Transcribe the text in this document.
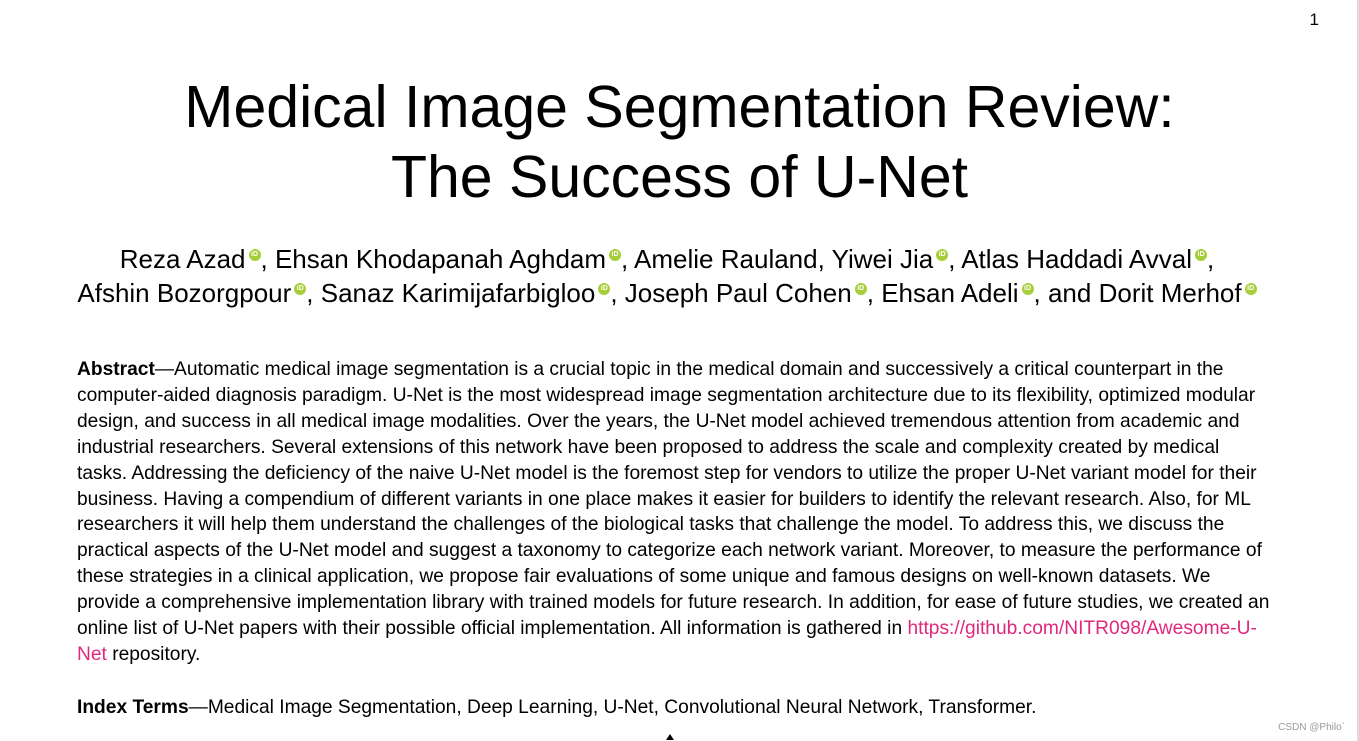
1
Medical Image Segmentation Review:
The Success of U-Net
Reza Azad iD, Ehsan Khodapanah Aghdam iD, Amelie Rauland, Yiwei Jia iD, Atlas Haddadi Avval iD,
Afshin Bozorgpour iD, Sanaz Karimijafarbigloo iD, Joseph Paul Cohen iD, Ehsan Adeli iD, and Dorit Merhof iD

Abstract—Automatic medical image segmentation is a crucial topic in the medical domain and successively a critical counterpart in the computer-aided diagnosis paradigm. U-Net is the most widespread image segmentation architecture due to its flexibility, optimized modular design, and success in all medical image modalities. Over the years, the U-Net model achieved tremendous attention from academic and industrial researchers. Several extensions of this network have been proposed to address the scale and complexity created by medical tasks. Addressing the deficiency of the naive U-Net model is the foremost step for vendors to utilize the proper U-Net variant model for their business. Having a compendium of different variants in one place makes it easier for builders to identify the relevant research. Also, for ML researchers it will help them understand the challenges of the biological tasks that challenge the model. To address this, we discuss the practical aspects of the U-Net model and suggest a taxonomy to categorize each network variant. Moreover, to measure the performance of these strategies in a clinical application, we propose fair evaluations of some unique and famous designs on well-known datasets. We provide a comprehensive implementation library with trained models for future research. In addition, for ease of future studies, we created an online list of U-Net papers with their possible official implementation. All information is gathered in https://github.com/NITR098/Awesome-U-Net repository.

Index Terms—Medical Image Segmentation, Deep Learning, U-Net, Convolutional Neural Network, Transformer.

CSDN @Philo`
